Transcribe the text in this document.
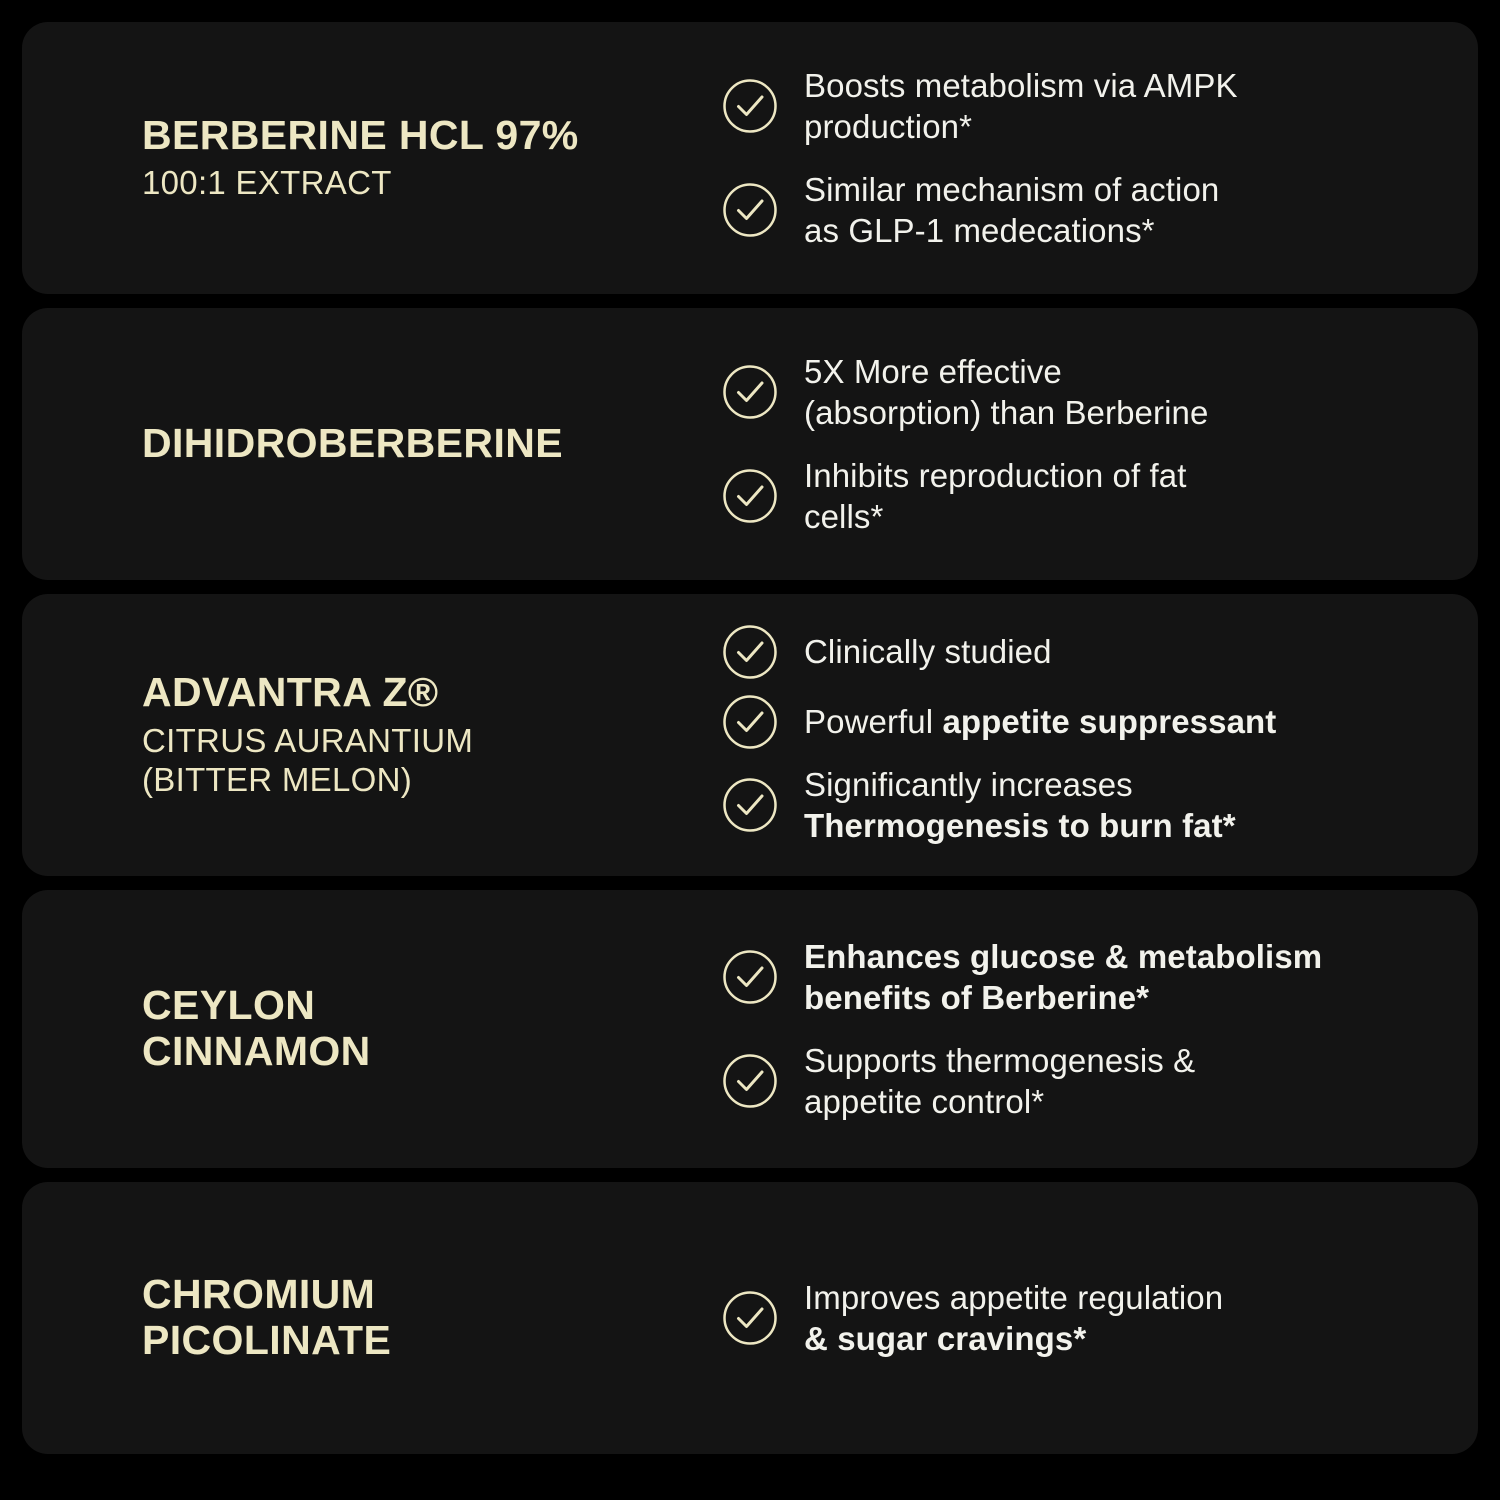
BERBERINE HCL 97%
100:1 EXTRACT
Boosts metabolism via AMPK
production*
Similar mechanism of action
as GLP-1 medecations*
DIHIDROBERBERINE
5X More effective
(absorption) than Berberine
Inhibits reproduction of fat
cells*
ADVANTRA Z®
CITRUS AURANTIUM
(BITTER MELON)
Clinically studied
Powerful appetite suppressant
Significantly increases
Thermogenesis to burn fat*
CEYLON
CINNAMON
Enhances glucose & metabolism
benefits of Berberine*
Supports thermogenesis &
appetite control*
CHROMIUM
PICOLINATE
Improves appetite regulation
& sugar cravings*
